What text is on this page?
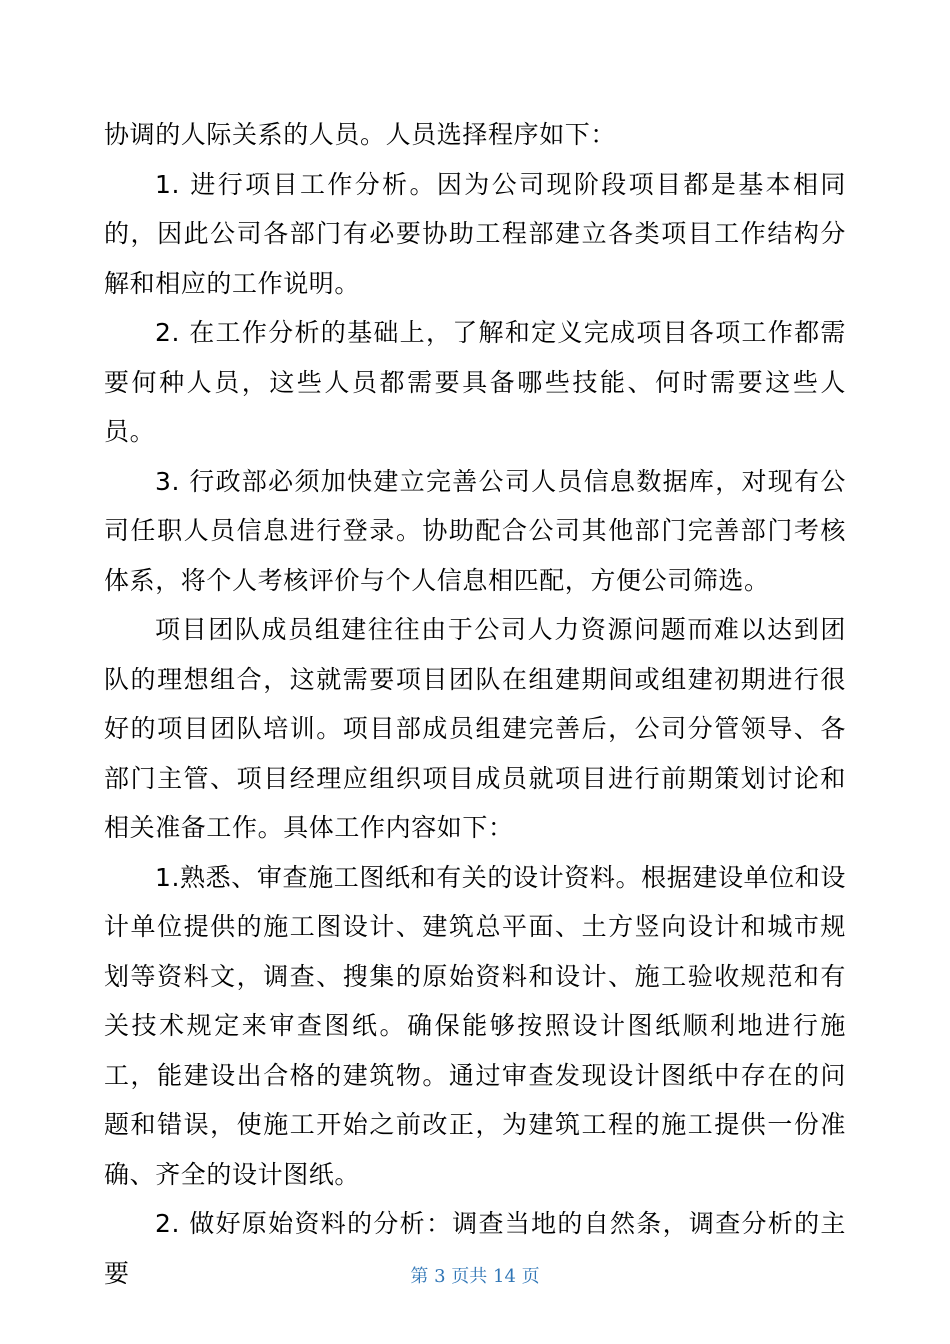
协调的人际关系的人员。人员选择程序如下：

1. 进行项目工作分析。因为公司现阶段项目都是基本相同的，因此公司各部门有必要协助工程部建立各类项目工作结构分解和相应的工作说明。

2. 在工作分析的基础上，了解和定义完成项目各项工作都需要何种人员，这些人员都需要具备哪些技能、何时需要这些人员。

3. 行政部必须加快建立完善公司人员信息数据库，对现有公司任职人员信息进行登录。协助配合公司其他部门完善部门考核体系，将个人考核评价与个人信息相匹配，方便公司筛选。

项目团队成员组建往往由于公司人力资源问题而难以达到团队的理想组合，这就需要项目团队在组建期间或组建初期进行很好的项目团队培训。项目部成员组建完善后，公司分管领导、各部门主管、项目经理应组织项目成员就项目进行前期策划讨论和相关准备工作。具体工作内容如下：

1.熟悉、审查施工图纸和有关的设计资料。根据建设单位和设计单位提供的施工图设计、建筑总平面、土方竖向设计和城市规划等资料文，调查、搜集的原始资料和设计、施工验收规范和有关技术规定来审查图纸。确保能够按照设计图纸顺利地进行施工，能建设出合格的建筑物。通过审查发现设计图纸中存在的问题和错误，使施工开始之前改正，为建筑工程的施工提供一份准确、齐全的设计图纸。

2. 做好原始资料的分析：调查当地的自然条，调查分析的主要	第 3 页共 14 页
